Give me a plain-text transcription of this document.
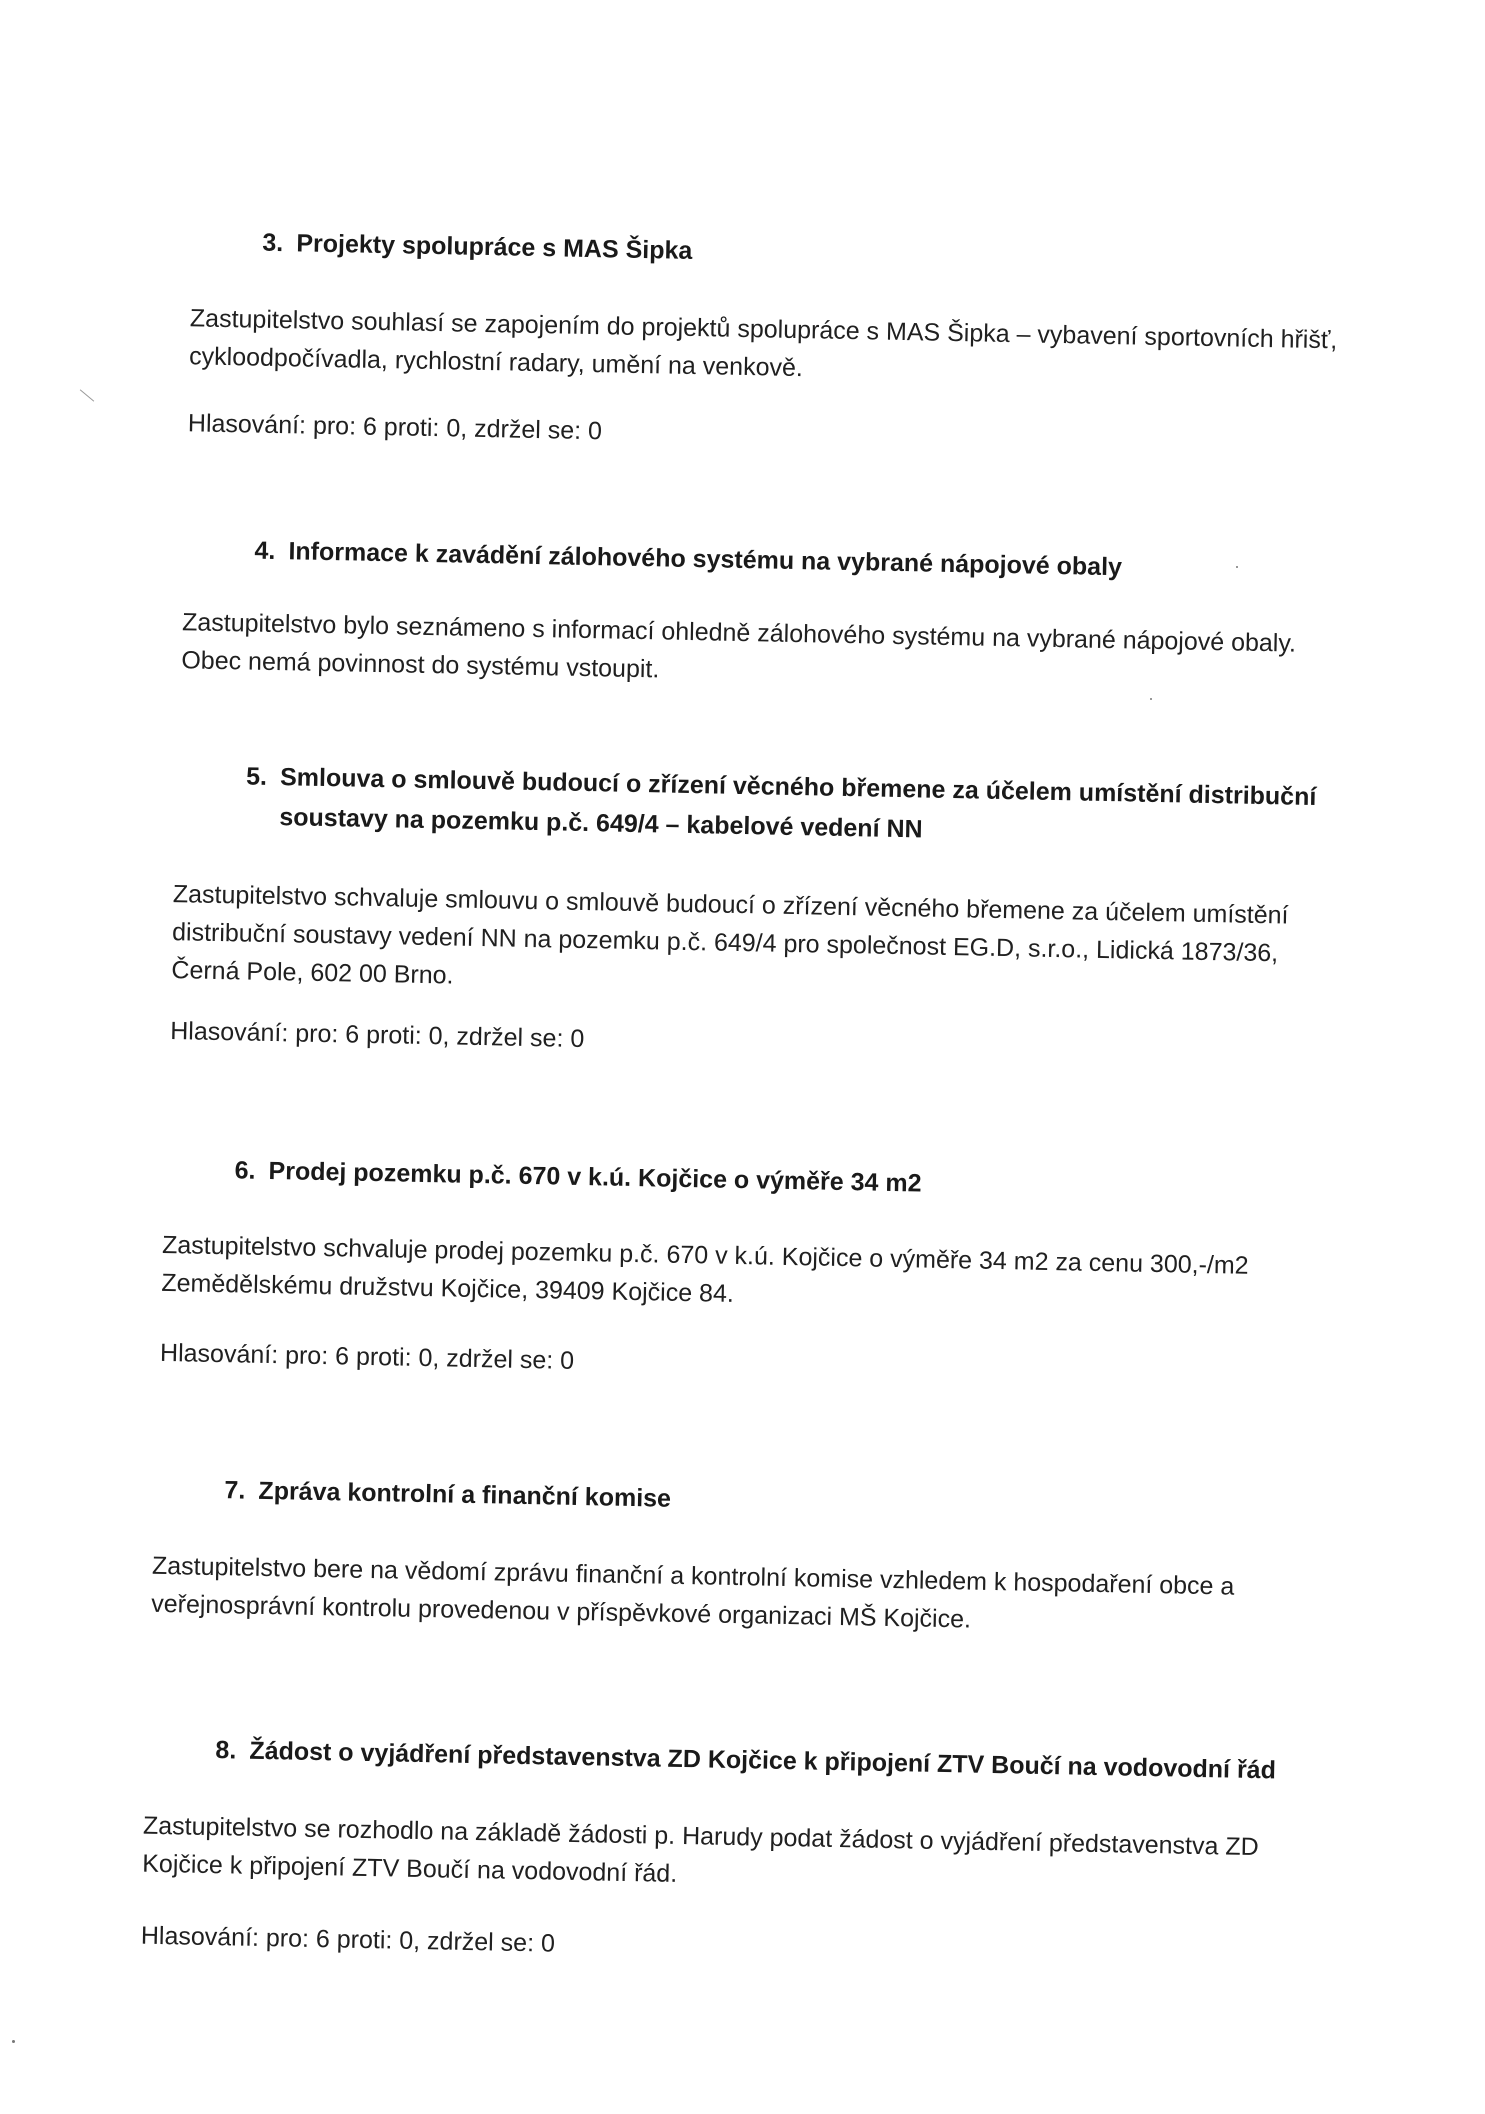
3. Projekty spolupráce s MAS Šipka
Zastupitelstvo souhlasí se zapojením do projektů spolupráce s MAS Šipka – vybavení sportovních hřišť, cykloodpočívadla, rychlostní radary, umění na venkově.
Hlasování: pro: 6 proti: 0, zdržel se: 0
4. Informace k zavádění zálohového systému na vybrané nápojové obaly
Zastupitelstvo bylo seznámeno s informací ohledně zálohového systému na vybrané nápojové obaly. Obec nemá povinnost do systému vstoupit.
5. Smlouva o smlouvě budoucí o zřízení věcného břemene za účelem umístění distribuční soustavy na pozemku p.č. 649/4 – kabelové vedení NN
Zastupitelstvo schvaluje smlouvu o smlouvě budoucí o zřízení věcného břemene za účelem umístění distribuční soustavy vedení NN na pozemku p.č. 649/4 pro společnost EG.D, s.r.o., Lidická 1873/36, Černá Pole, 602 00 Brno.
Hlasování: pro: 6 proti: 0, zdržel se: 0
6. Prodej pozemku p.č. 670 v k.ú. Kojčice o výměře 34 m2
Zastupitelstvo schvaluje prodej pozemku p.č. 670 v k.ú. Kojčice o výměře 34 m2 za cenu 300,-/m2 Zemědělskému družstvu Kojčice, 39409 Kojčice 84.
Hlasování: pro: 6 proti: 0, zdržel se: 0
7. Zpráva kontrolní a finanční komise
Zastupitelstvo bere na vědomí zprávu finanční a kontrolní komise vzhledem k hospodaření obce a veřejnosprávní kontrolu provedenou v příspěvkové organizaci MŠ Kojčice.
8. Žádost o vyjádření představenstva ZD Kojčice k připojení ZTV Boučí na vodovodní řád
Zastupitelstvo se rozhodlo na základě žádosti p. Harudy podat žádost o vyjádření představenstva ZD Kojčice k připojení ZTV Boučí na vodovodní řád.
Hlasování: pro: 6 proti: 0, zdržel se: 0
